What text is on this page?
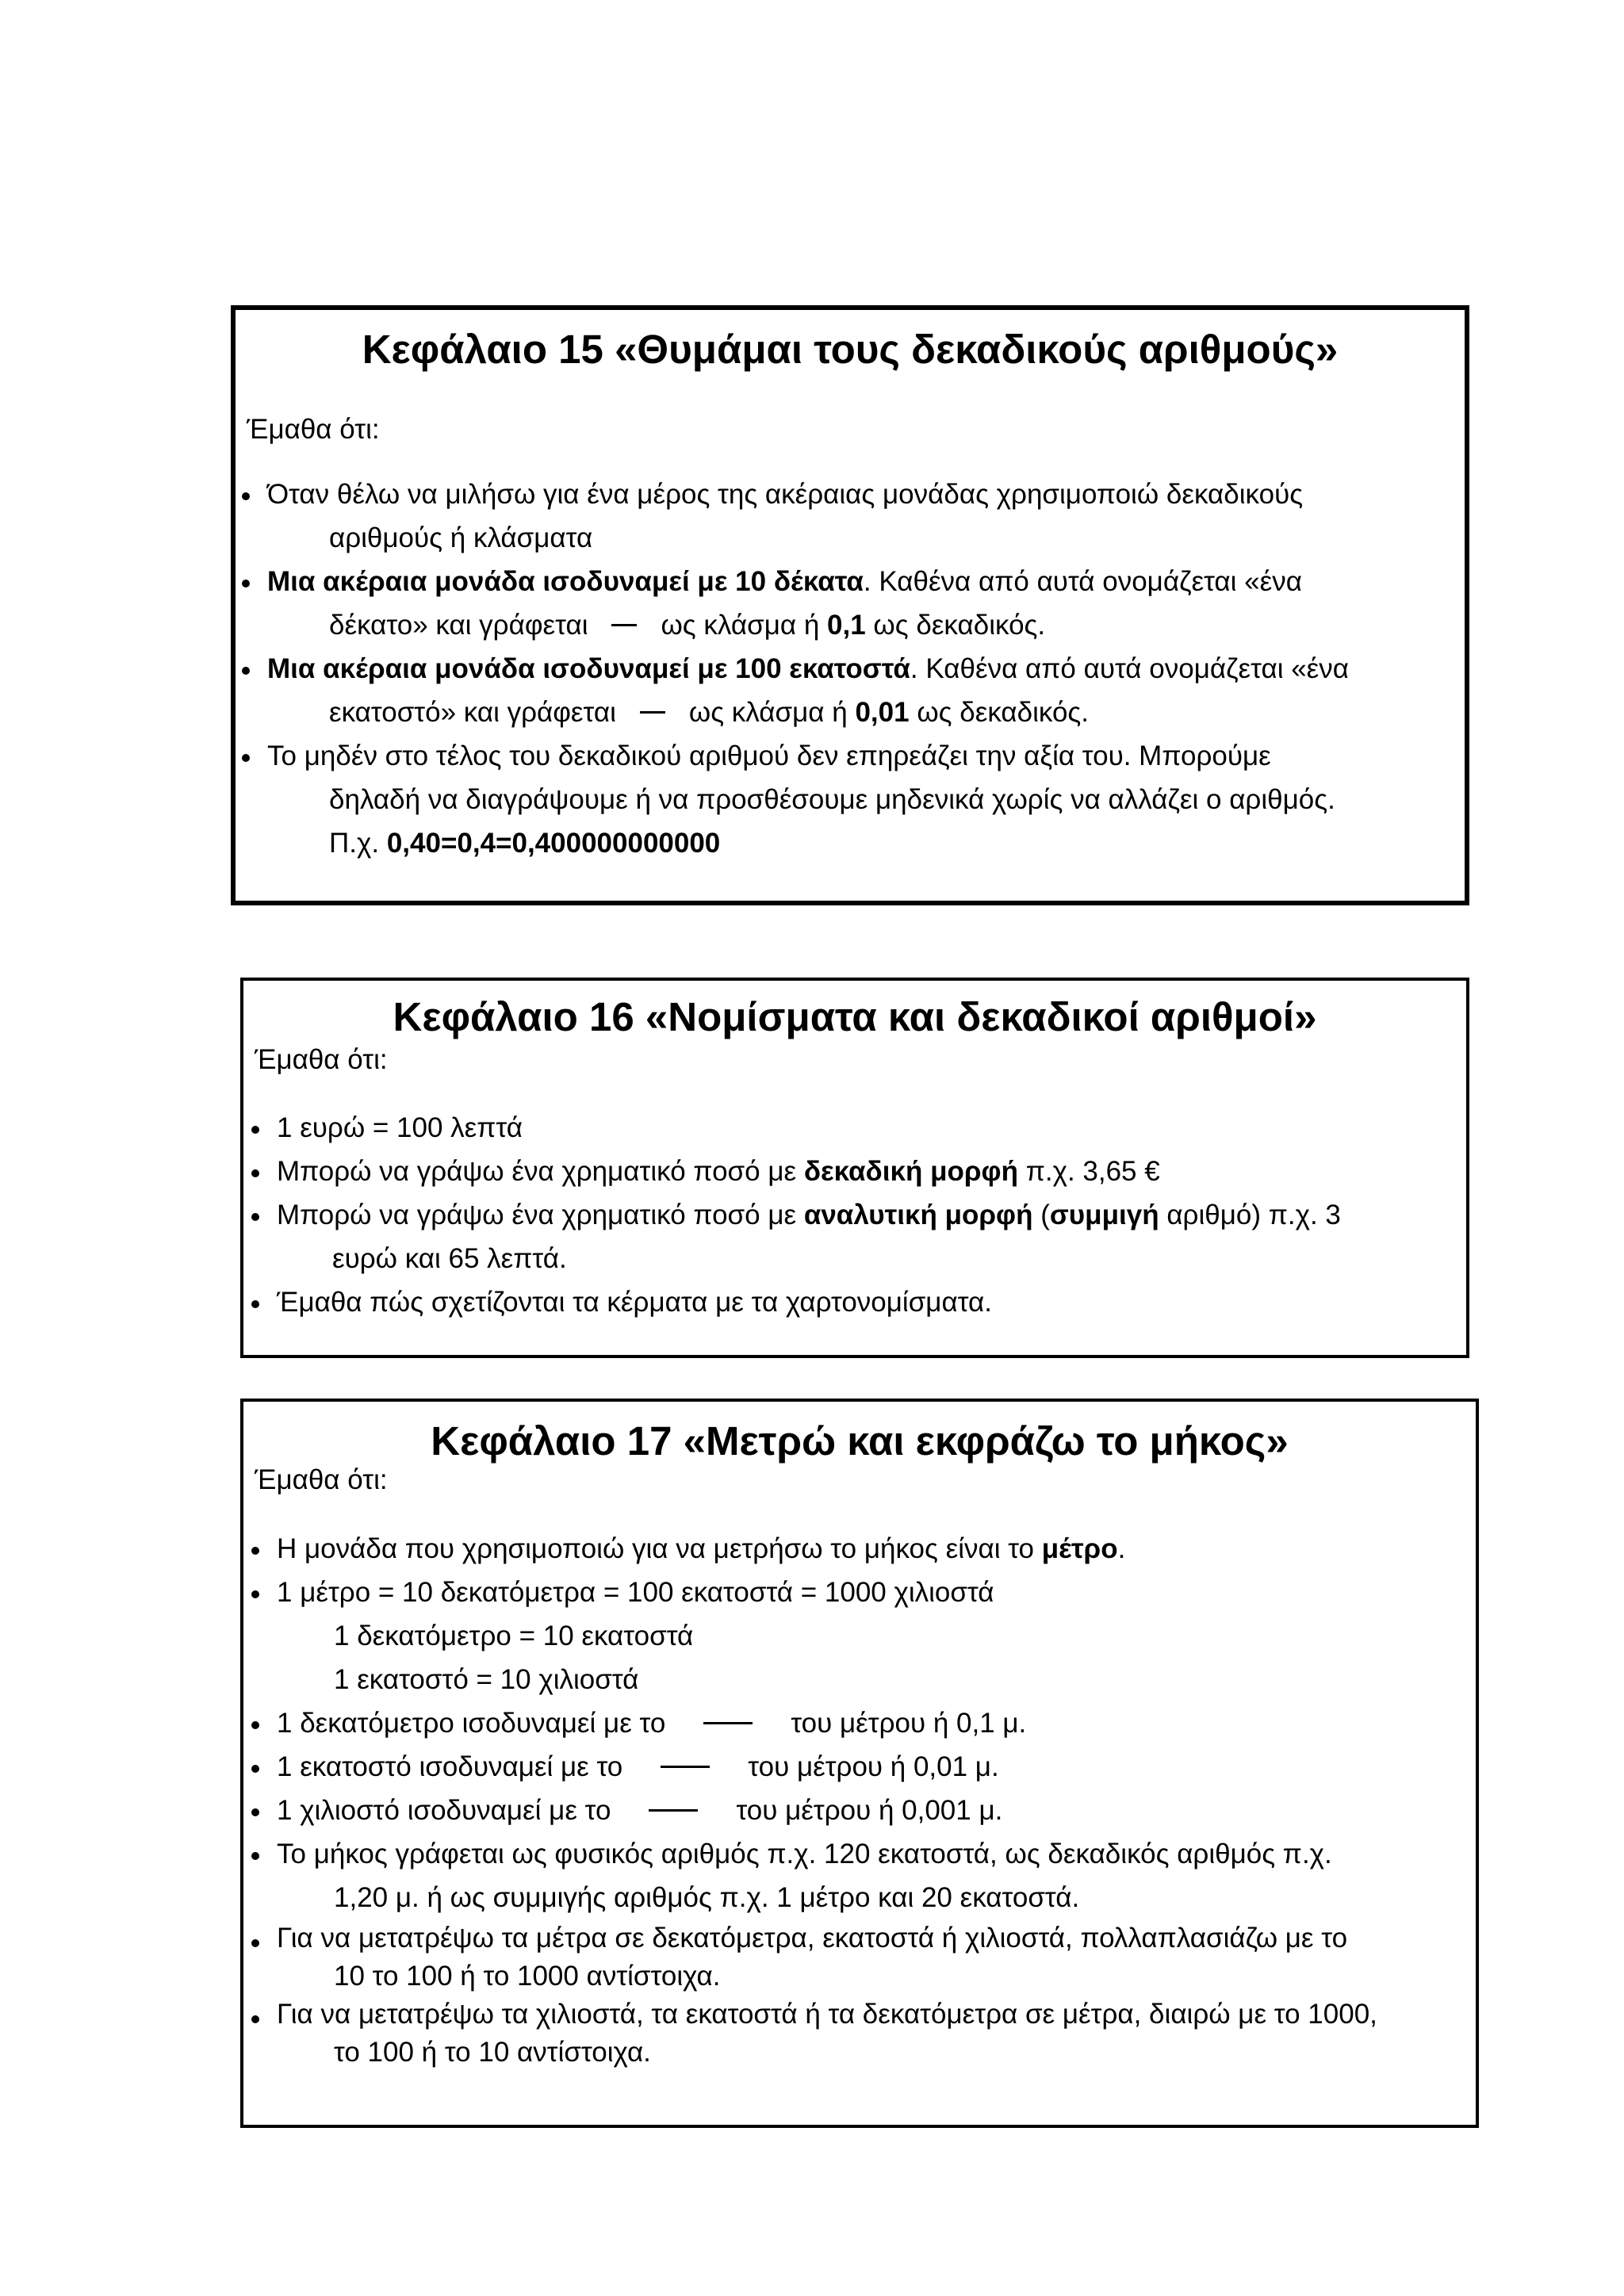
Κεφάλαιο 15 «Θυμάμαι τους δεκαδικούς αριθμούς»
Έμαθα ότι:
Όταν θέλω να μιλήσω για ένα μέρος της ακέραιας μονάδας χρησιμοποιώ δεκαδικούς
αριθμούς ή κλάσματα
Μια ακέραια μονάδα ισοδυναμεί με 10 δέκατα. Καθένα από αυτά ονομάζεται «ένα
δέκατο» και γράφεται	ως κλάσμα ή 0,1 ως δεκαδικός.
Μια ακέραια μονάδα ισοδυναμεί με 100 εκατοστά. Καθένα από αυτά ονομάζεται «ένα
εκατοστό» και γράφεται	ως κλάσμα ή 0,01 ως δεκαδικός.
Το μηδέν στο τέλος του δεκαδικού αριθμού δεν επηρεάζει την αξία του. Μπορούμε
δηλαδή να διαγράψουμε ή να προσθέσουμε μηδενικά χωρίς να αλλάζει ο αριθμός.
Π.χ. 0,40=0,4=0,400000000000
Κεφάλαιο 16 «Νομίσματα και δεκαδικοί αριθμοί»
Έμαθα ότι:
1 ευρώ = 100 λεπτά
Μπορώ να γράψω ένα χρηματικό ποσό με δεκαδική μορφή π.χ. 3,65 €
Μπορώ να γράψω ένα χρηματικό ποσό με αναλυτική μορφή (συμμιγή αριθμό) π.χ. 3
ευρώ και 65 λεπτά.
Έμαθα πώς σχετίζονται τα κέρματα με τα χαρτονομίσματα.
Κεφάλαιο 17 «Μετρώ και εκφράζω το μήκος»
Έμαθα ότι:
Η μονάδα που χρησιμοποιώ για να μετρήσω το μήκος είναι το μέτρο.
1 μέτρο = 10 δεκατόμετρα = 100 εκατοστά = 1000 χιλιοστά
1 δεκατόμετρο = 10 εκατοστά
1 εκατοστό = 10 χιλιοστά
1 δεκατόμετρο ισοδυναμεί με το	του μέτρου ή 0,1 μ.
1 εκατοστό ισοδυναμεί με το	του μέτρου ή 0,01 μ.
1 χιλιοστό ισοδυναμεί με το	του μέτρου ή 0,001 μ.
Το μήκος γράφεται ως φυσικός αριθμός π.χ. 120 εκατοστά, ως δεκαδικός αριθμός π.χ.
1,20 μ. ή ως συμμιγής αριθμός π.χ. 1 μέτρο και 20 εκατοστά.
Για να μετατρέψω τα μέτρα σε δεκατόμετρα, εκατοστά ή χιλιοστά, πολλαπλασιάζω με το
10 το 100 ή το 1000 αντίστοιχα.
Για να μετατρέψω τα χιλιοστά, τα εκατοστά ή τα δεκατόμετρα σε μέτρα, διαιρώ με το 1000,
το 100 ή το 10 αντίστοιχα.
